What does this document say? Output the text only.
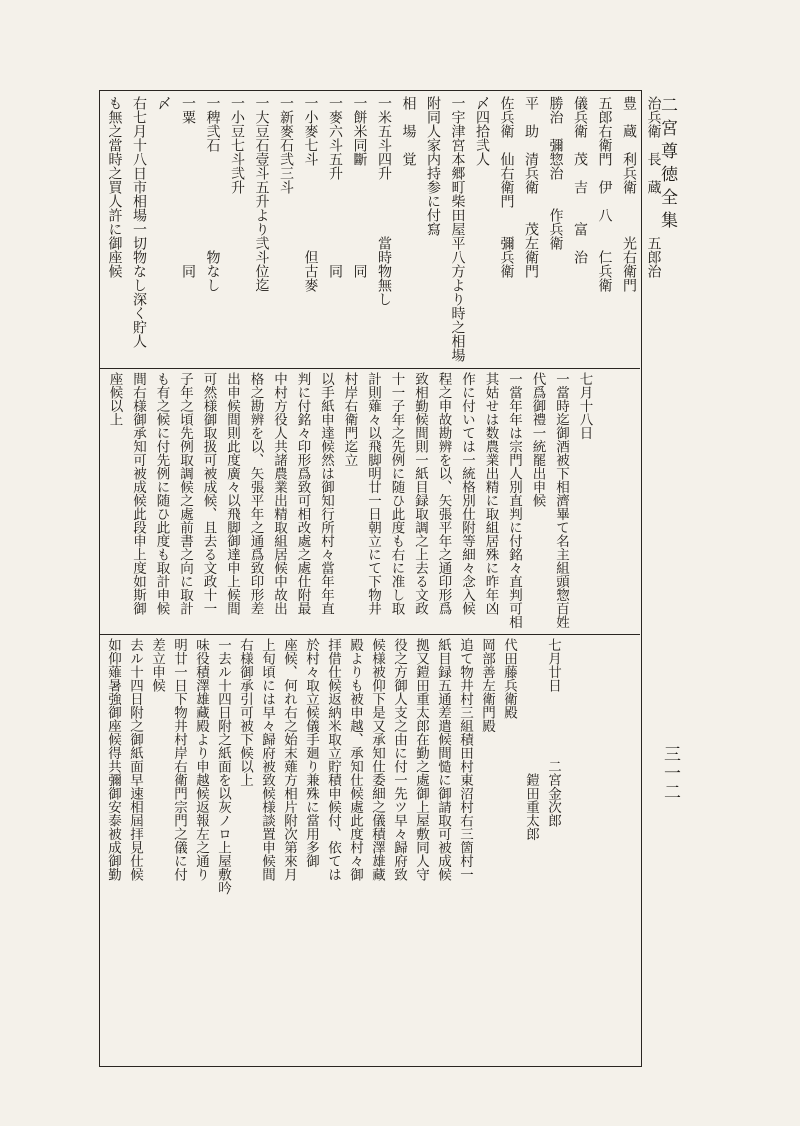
二宮尊徳全集
三一二
治兵衛　長　蔵　　　五郎治
豊　蔵　利兵衛　　　光右衛門
五郎右衛門　伊　八　　仁兵衛
儀兵衛　茂　吉　　富　治
勝治　彌惣治　　作兵衛
平　助　清兵衛　　茂左衛門
佐兵衛　仙右衛門　　彌兵衛
〆四拾弐人
一宇津宮本郷町柴田屋平八方より時之相場
附同人家内持参に付寫
相　場　覚
一米五斗四升　　　　當時物無し
一餅米同斷　　　　　　　同
一麥六斗五升　　　　　　同
一小麥七斗　　　　　　但古麥
一新麥石弐三斗
一大豆石壹斗五升より弐斗位迄
一小豆七斗弐升
一稗弐石　　　　　　　物なし
一粟　　　　　　　　　　同
〆
右七月十八日市相場一切物なし深く貯人
も無之當時之買人許に御座候
七月十八日
一當時迄御酒被下相濟畢て名主組頭惣百姓
代爲御禮一統罷出申候
一當年年は宗門人別直判に付銘々直判可相
其姑せは数農業出精に取組居殊に昨年凶
作に付いては一統格別仕附等細々念入候
程之申故勘辨を以、矢張平年之通印形爲
致相勤候間則一紙目録取調之上去る文政
十一子年之先例に随ひ此度も右に准し取
計則薙々以飛脚明廿一日朝立にて下物井
村岸右衛門迄立
以手紙申達候然は御知行所村々當年年直
判に付銘々印形爲致可相改處之處仕附最
中村方役人共諸農業出精取組居候中故出
格之勘辨を以、矢張平年之通爲致印形差
出申候間則此度廣々以飛脚御達申上候間
可然様御取扱可被成候、且去る文政十一
子年之頃先例取調候之處前書之向に取計
も有之候に付先例に随ひ此度も取計申候
間右様御承知可被成候此段申上度如斯御
座候以上
七月廿日　　　　　二宮金次郎
　　　　　　　　　　鎧田重太郎
代田藤兵衛殿
岡部善左衛門殿
追て物井村三組積田村東沼村右三箇村一
紙目録五通差遣候間慥に御請取可被成候
拠又鎧田重太郎在勤之處御上屋敷同人守
役之方御人支之由に付一先ツ早々歸府致
候様被仰下是又承知仕委細之儀積澤雄藏
殿よりも被申越、承知仕候處此度村々御
拝借仕候返納米取立貯積申候付、依ては
於村々取立候儀手廻り兼殊に當用多御
座候、何れ右之始末薙方相片附次第來月
上旬頃には早々歸府被致候様談置申候間
右様御承引可被下候以上
一去ル十四日附之紙面を以灰ノロ上屋敷吟
味役積澤雄藏殿より申越候返報左之通り
明廿一日下物井村岸右衛門宗門之儀に付
差立申候
去ル十四日附之御紙面早速相屆拝見仕候
如仰薙暑強御座候得共彌御安泰被成御勤
